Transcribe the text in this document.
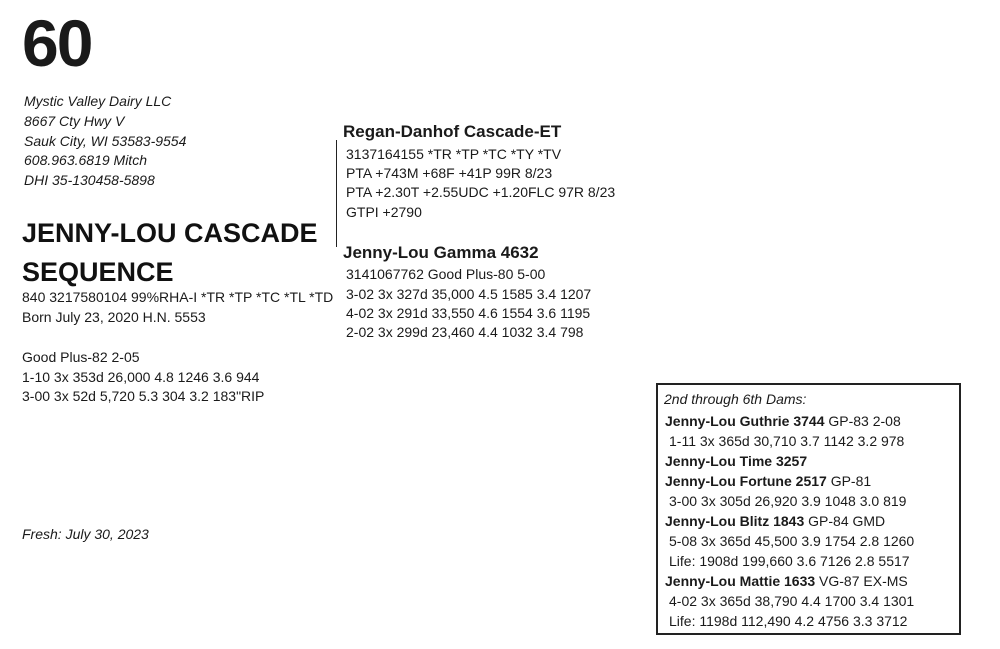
60
Mystic Valley Dairy LLC
8667 Cty Hwy V
Sauk City, WI 53583-9554
608.963.6819 Mitch
DHI 35-130458-5898
JENNY-LOU CASCADE
SEQUENCE
840 3217580104 99%RHA-I *TR *TP *TC *TL *TD
Born July 23, 2020 H.N. 5553
Good Plus-82 2-05
1-10 3x 353d 26,000 4.8 1246 3.6 944
3-00 3x 52d 5,720 5.3 304 3.2 183"RIP
Fresh: July 30, 2023
Regan-Danhof Cascade-ET
3137164155 *TR *TP *TC *TY *TV
PTA +743M +68F +41P 99R 8/23
PTA +2.30T +2.55UDC +1.20FLC 97R 8/23
GTPI +2790
Jenny-Lou Gamma 4632
3141067762 Good Plus-80 5-00
3-02 3x 327d 35,000 4.5 1585 3.4 1207
4-02 3x 291d 33,550 4.6 1554 3.6 1195
2-02 3x 299d 23,460 4.4 1032 3.4 798
2nd through 6th Dams:
Jenny-Lou Guthrie 3744 GP-83 2-08
1-11 3x 365d 30,710 3.7 1142 3.2 978
Jenny-Lou Time 3257
Jenny-Lou Fortune 2517 GP-81
3-00 3x 305d 26,920 3.9 1048 3.0 819
Jenny-Lou Blitz 1843 GP-84 GMD
5-08 3x 365d 45,500 3.9 1754 2.8 1260
Life: 1908d 199,660 3.6 7126 2.8 5517
Jenny-Lou Mattie 1633 VG-87 EX-MS
4-02 3x 365d 38,790 4.4 1700 3.4 1301
Life: 1198d 112,490 4.2 4756 3.3 3712
